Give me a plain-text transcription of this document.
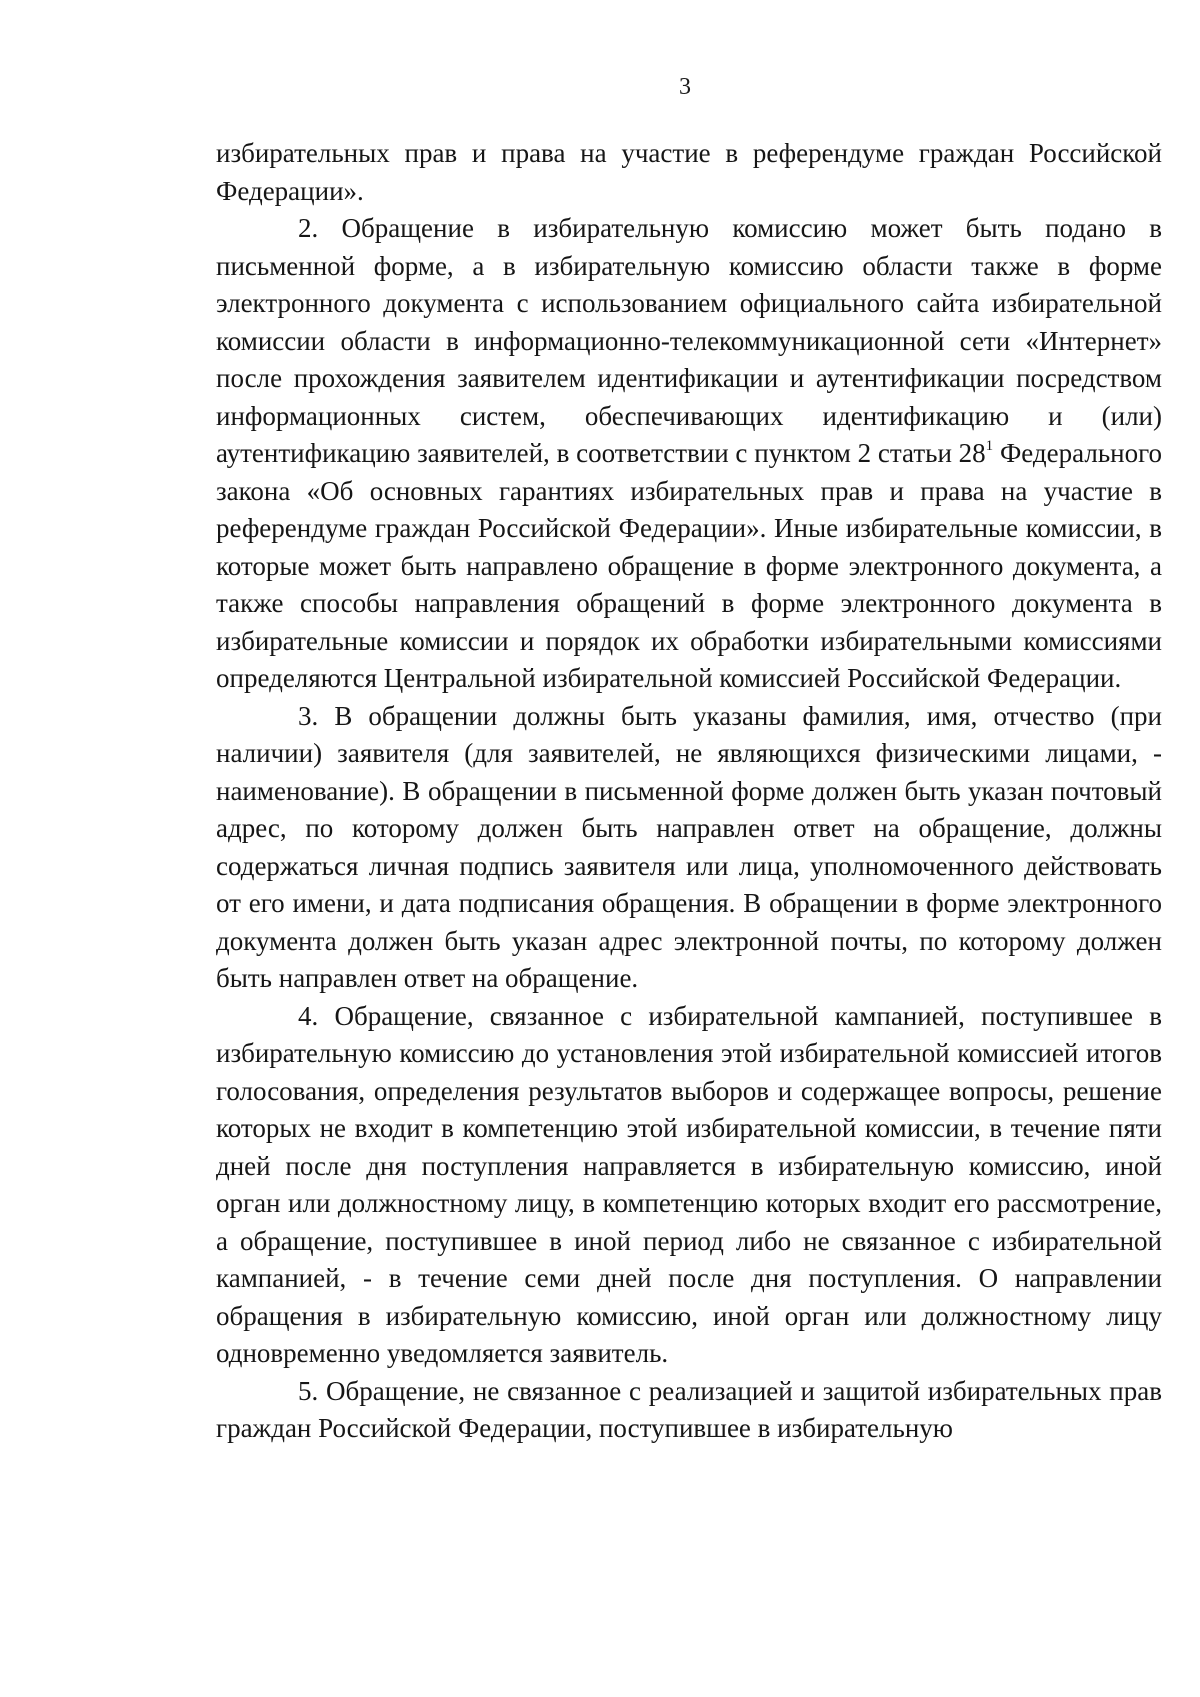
3

избирательных прав и права на участие в референдуме граждан Российской Федерации».

2. Обращение в избирательную комиссию может быть подано в письменной форме, а в избирательную комиссию области также в форме электронного документа с использованием официального сайта избирательной комиссии области в информационно-телекоммуникационной сети «Интернет» после прохождения заявителем идентификации и аутентификации посредством информационных систем, обеспечивающих идентификацию и (или) аутентификацию заявителей, в соответствии с пунктом 2 статьи $28^1$ Федерального закона «Об основных гарантиях избирательных прав и права на участие в референдуме граждан Российской Федерации». Иные избирательные комиссии, в которые может быть направлено обращение в форме электронного документа, а также способы направления обращений в форме электронного документа в избирательные комиссии и порядок их обработки избирательными комиссиями определяются Центральной избирательной комиссией Российской Федерации.

3. В обращении должны быть указаны фамилия, имя, отчество (при наличии) заявителя (для заявителей, не являющихся физическими лицами, - наименование). В обращении в письменной форме должен быть указан почтовый адрес, по которому должен быть направлен ответ на обращение, должны содержаться личная подпись заявителя или лица, уполномоченного действовать от его имени, и дата подписания обращения. В обращении в форме электронного документа должен быть указан адрес электронной почты, по которому должен быть направлен ответ на обращение.

4. Обращение, связанное с избирательной кампанией, поступившее в избирательную комиссию до установления этой избирательной комиссией итогов голосования, определения результатов выборов и содержащее вопросы, решение которых не входит в компетенцию этой избирательной комиссии, в течение пяти дней после дня поступления направляется в избирательную комиссию, иной орган или должностному лицу, в компетенцию которых входит его рассмотрение, а обращение, поступившее в иной период либо не связанное с избирательной кампанией, - в течение семи дней после дня поступления. О направлении обращения в избирательную комиссию, иной орган или должностному лицу одновременно уведомляется заявитель.

5. Обращение, не связанное с реализацией и защитой избирательных прав граждан Российской Федерации, поступившее в избирательную
